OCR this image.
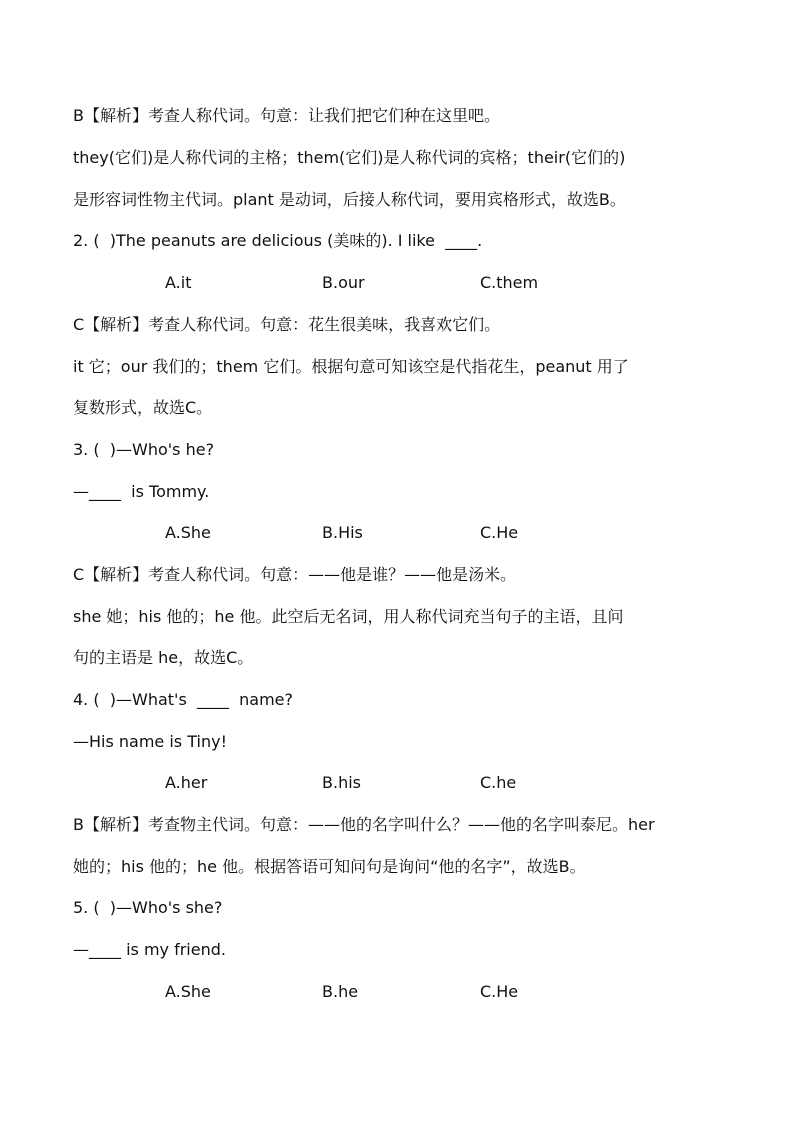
B【解析】考查人称代词。句意：让我们把它们种在这里吧。
they(它们)是人称代词的主格；them(它们)是人称代词的宾格；their(它们的)
是形容词性物主代词。plant 是动词，后接人称代词，要用宾格形式，故选B。
2. (  )The peanuts are delicious (美味的). I like  ____.
A.it	B.our	C.them
C【解析】考查人称代词。句意：花生很美味，我喜欢它们。
it 它；our 我们的；them 它们。根据句意可知该空是代指花生，peanut 用了
复数形式，故选C。
3. (  )—Who's he?
—____  is Tommy.
A.She	B.His	C.He
C【解析】考查人称代词。句意：——他是谁？——他是汤米。
she 她；his 他的；he 他。此空后无名词，用人称代词充当句子的主语，且问
句的主语是 he，故选C。
4. (  )—What's  ____  name?
—His name is Tiny!
A.her	B.his	C.he
B【解析】考查物主代词。句意：——他的名字叫什么？——他的名字叫泰尼。her
她的；his 他的；he 他。根据答语可知问句是询问“他的名字”，故选B。
5. (  )—Who's she?
—____ is my friend.
A.She	B.he	C.He
